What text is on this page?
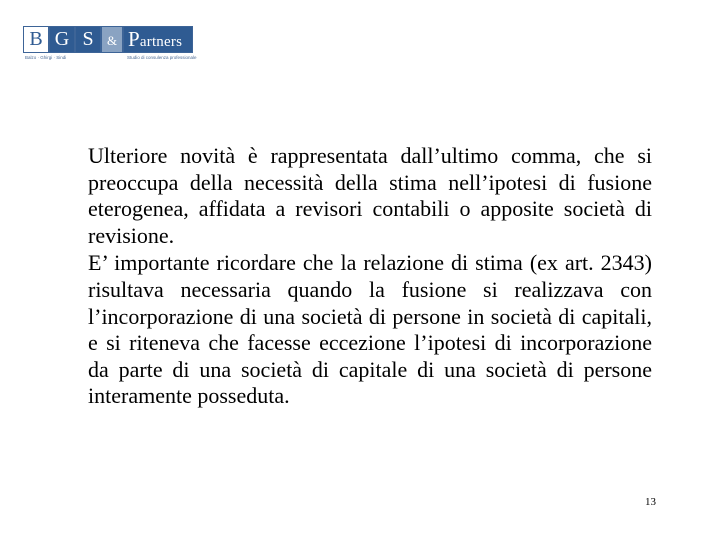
B G S	& Partners
Balzo · Ghirgi · Sindi	Studio di consulenza professionale

Ulteriore novità è rappresentata dall’ultimo comma, che si preoccupa della necessità della stima nell’ipotesi di fusione eterogenea, affidata a revisori contabili o apposite società di revisione.

E’ importante ricordare che la relazione di stima (ex art. 2343) risultava necessaria quando la fusione si realizzava con l’incorporazione di una società di persone in società di capitali, e si riteneva che facesse eccezione l’ipotesi di incorporazione da parte di una società di capitale di una società di persone interamente posseduta.

13
